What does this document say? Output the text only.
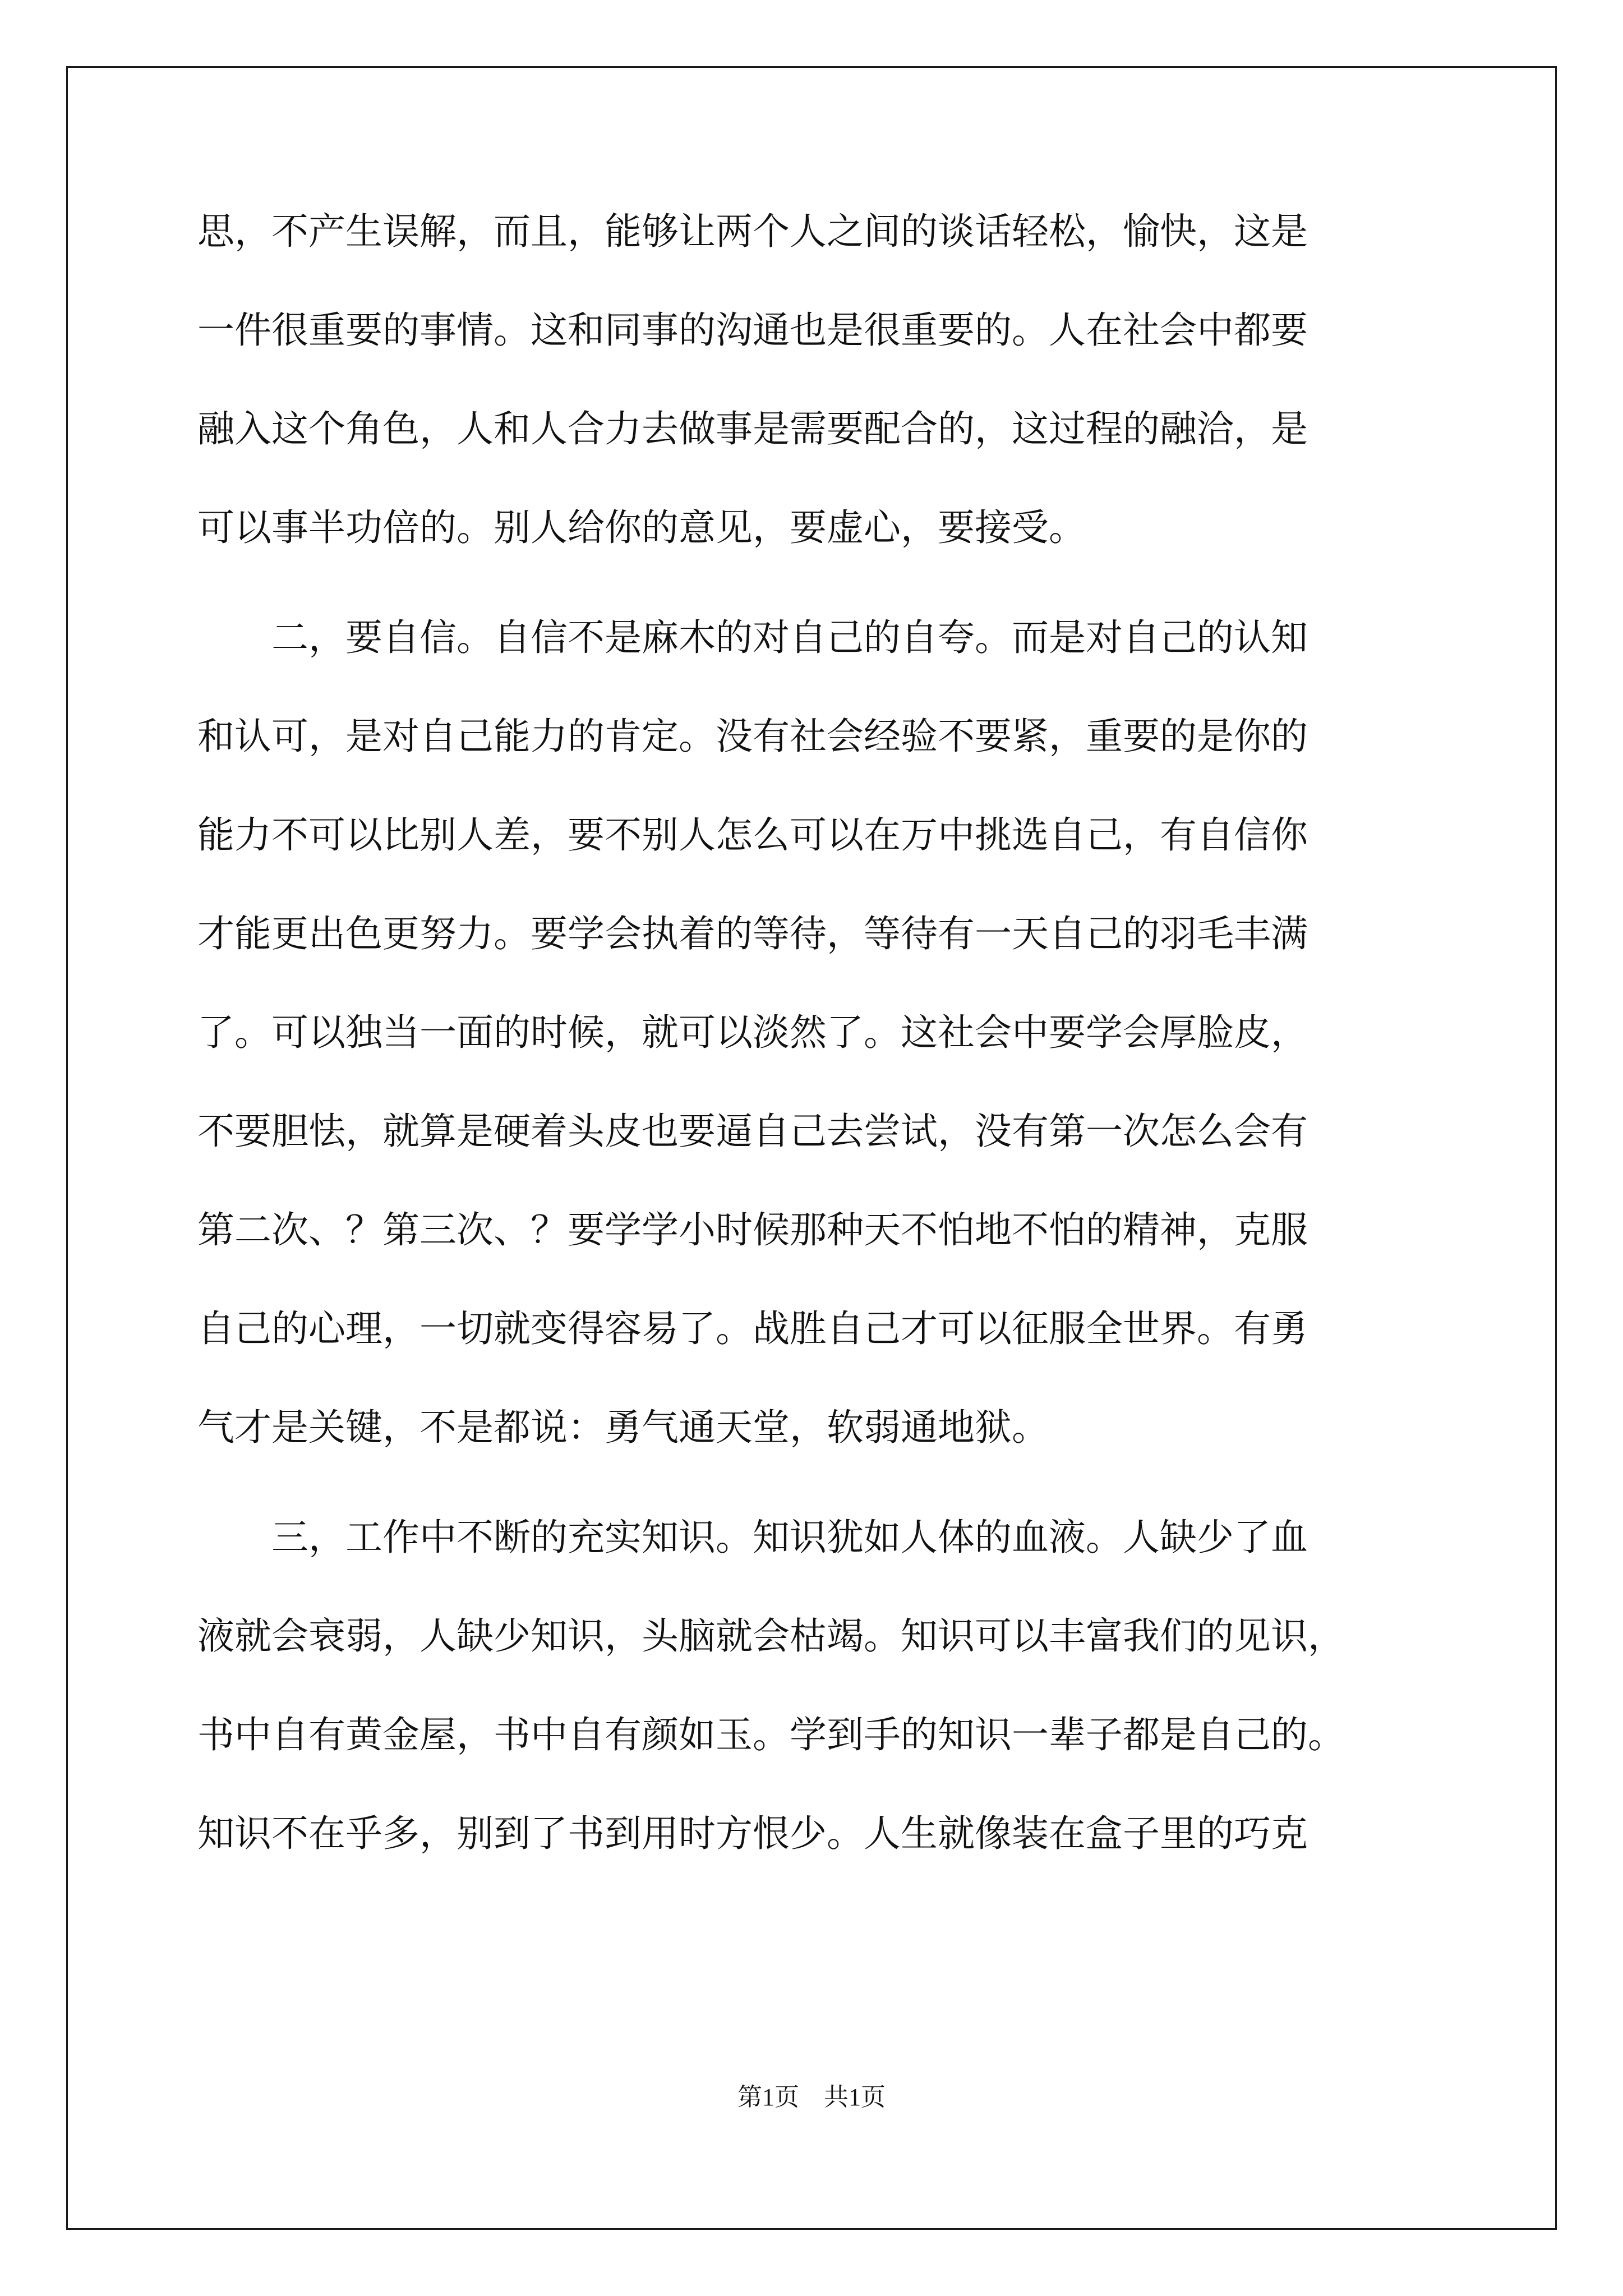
思，不产生误解，而且，能够让两个人之间的谈话轻松，愉快，这是
一件很重要的事情。这和同事的沟通也是很重要的。人在社会中都要
融入这个角色，人和人合力去做事是需要配合的，这过程的融洽，是
可以事半功倍的。别人给你的意见，要虚心，要接受。
　　二，要自信。自信不是麻木的对自己的自夸。而是对自己的认知
和认可，是对自己能力的肯定。没有社会经验不要紧，重要的是你的
能力不可以比别人差，要不别人怎么可以在万中挑选自己，有自信你
才能更出色更努力。要学会执着的等待，等待有一天自己的羽毛丰满
了。可以独当一面的时候，就可以淡然了。这社会中要学会厚脸皮，
不要胆怯，就算是硬着头皮也要逼自己去尝试，没有第一次怎么会有
第二次、？第三次、？要学学小时候那种天不怕地不怕的精神，克服
自己的心理，一切就变得容易了。战胜自己才可以征服全世界。有勇
气才是关键，不是都说：勇气通天堂，软弱通地狱。
　　三，工作中不断的充实知识。知识犹如人体的血液。人缺少了血
液就会衰弱，人缺少知识，头脑就会枯竭。知识可以丰富我们的见识，
书中自有黄金屋，书中自有颜如玉。学到手的知识一辈子都是自己的。
知识不在乎多，别到了书到用时方恨少。人生就像装在盒子里的巧克
第1页　共1页
